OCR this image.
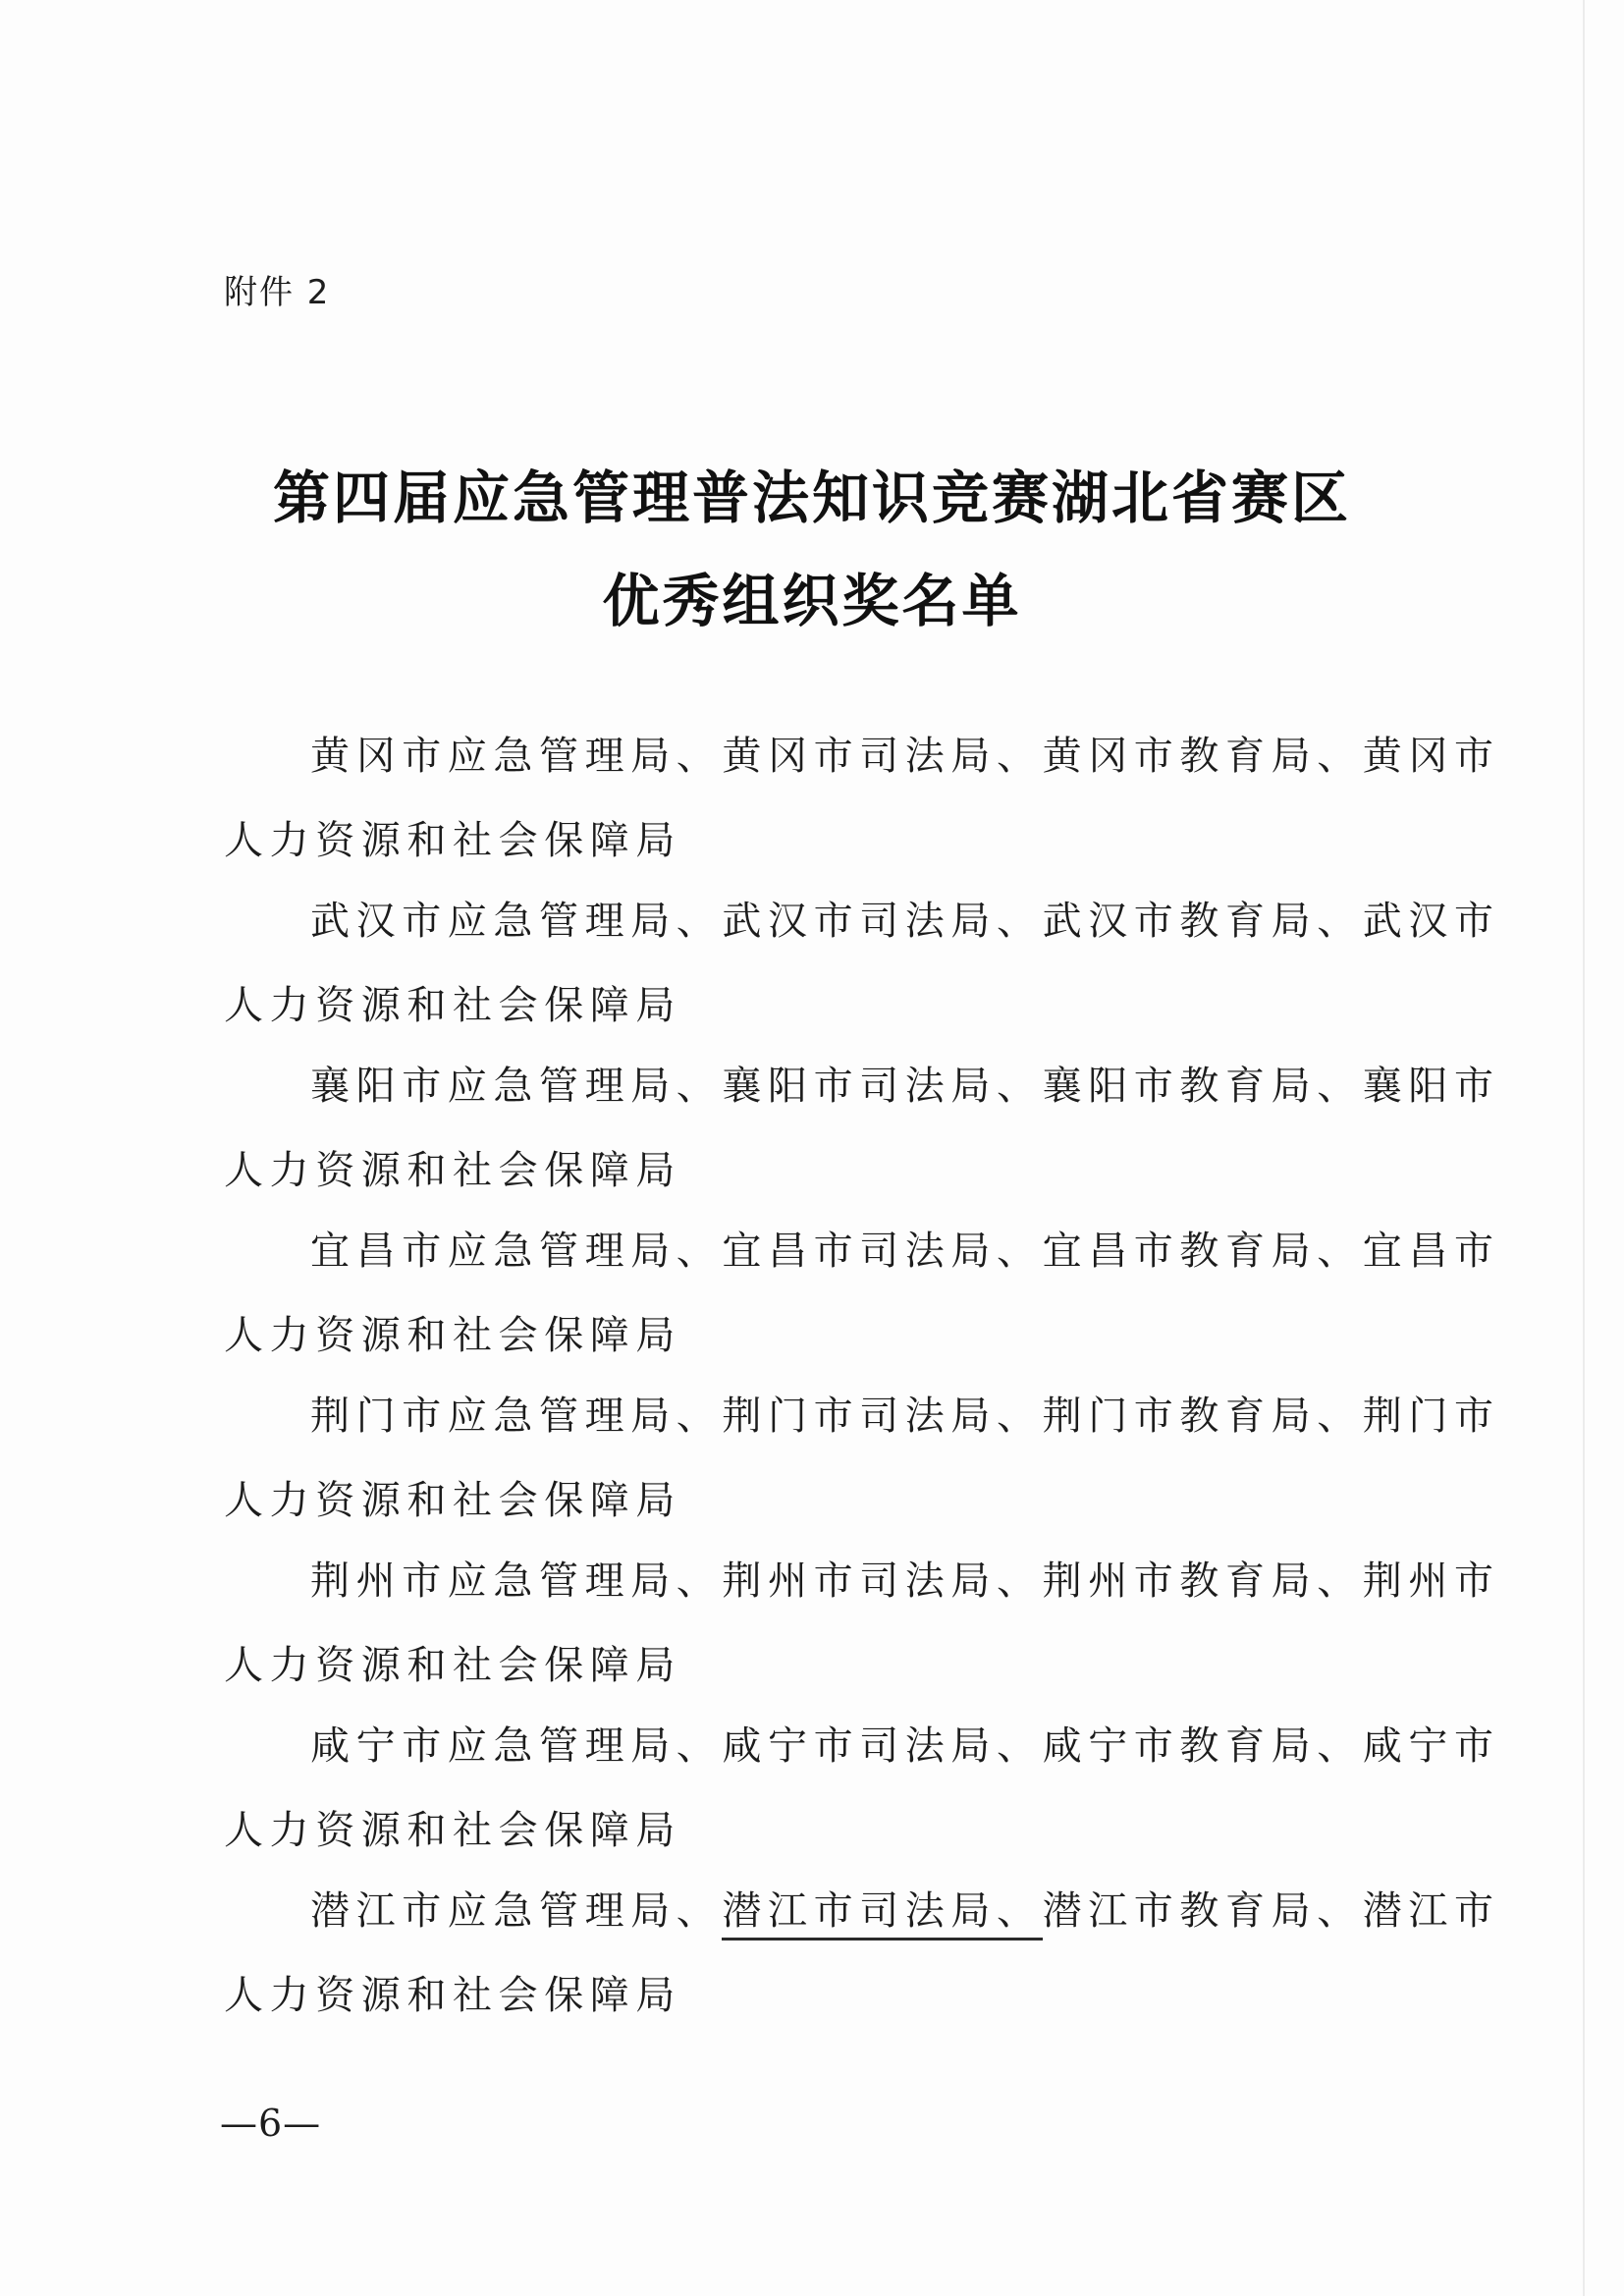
附件 2
第四届应急管理普法知识竞赛湖北省赛区
优秀组织奖名单
黄冈市应急管理局、黄冈市司法局、黄冈市教育局、黄冈市
人力资源和社会保障局
武汉市应急管理局、武汉市司法局、武汉市教育局、武汉市
人力资源和社会保障局
襄阳市应急管理局、襄阳市司法局、襄阳市教育局、襄阳市
人力资源和社会保障局
宜昌市应急管理局、宜昌市司法局、宜昌市教育局、宜昌市
人力资源和社会保障局
荆门市应急管理局、荆门市司法局、荆门市教育局、荆门市
人力资源和社会保障局
荆州市应急管理局、荆州市司法局、荆州市教育局、荆州市
人力资源和社会保障局
咸宁市应急管理局、咸宁市司法局、咸宁市教育局、咸宁市
人力资源和社会保障局
潜江市应急管理局、潜江市司法局、潜江市教育局、潜江市
人力资源和社会保障局
—6—
